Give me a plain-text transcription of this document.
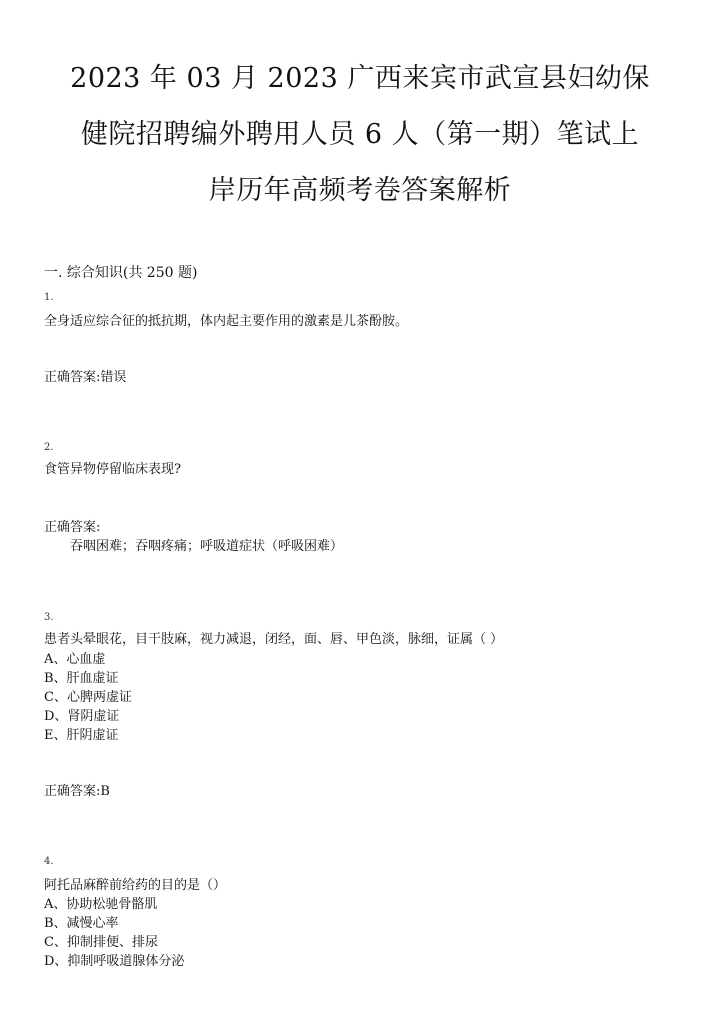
2023 年 03 月 2023 广西来宾市武宣县妇幼保
健院招聘编外聘用人员 6 人（第一期）笔试上
岸历年高频考卷答案解析
一. 综合知识(共 250 题)
1.
全身适应综合征的抵抗期，体内起主要作用的激素是儿茶酚胺。
正确答案:错误
2.
食管异物停留临床表现?
正确答案:
吞咽困难；吞咽疼痛；呼吸道症状（呼吸困难）
3.
患者头晕眼花，目干肢麻，视力减退，闭经，面、唇、甲色淡，脉细，证属（ ）
A、心血虚
B、肝血虚证
C、心脾两虚证
D、肾阴虚证
E、肝阴虚证
正确答案:B
4.
阿托品麻醉前给药的目的是（）
A、协助松驰骨骼肌
B、减慢心率
C、抑制排便、排尿
D、抑制呼吸道腺体分泌
